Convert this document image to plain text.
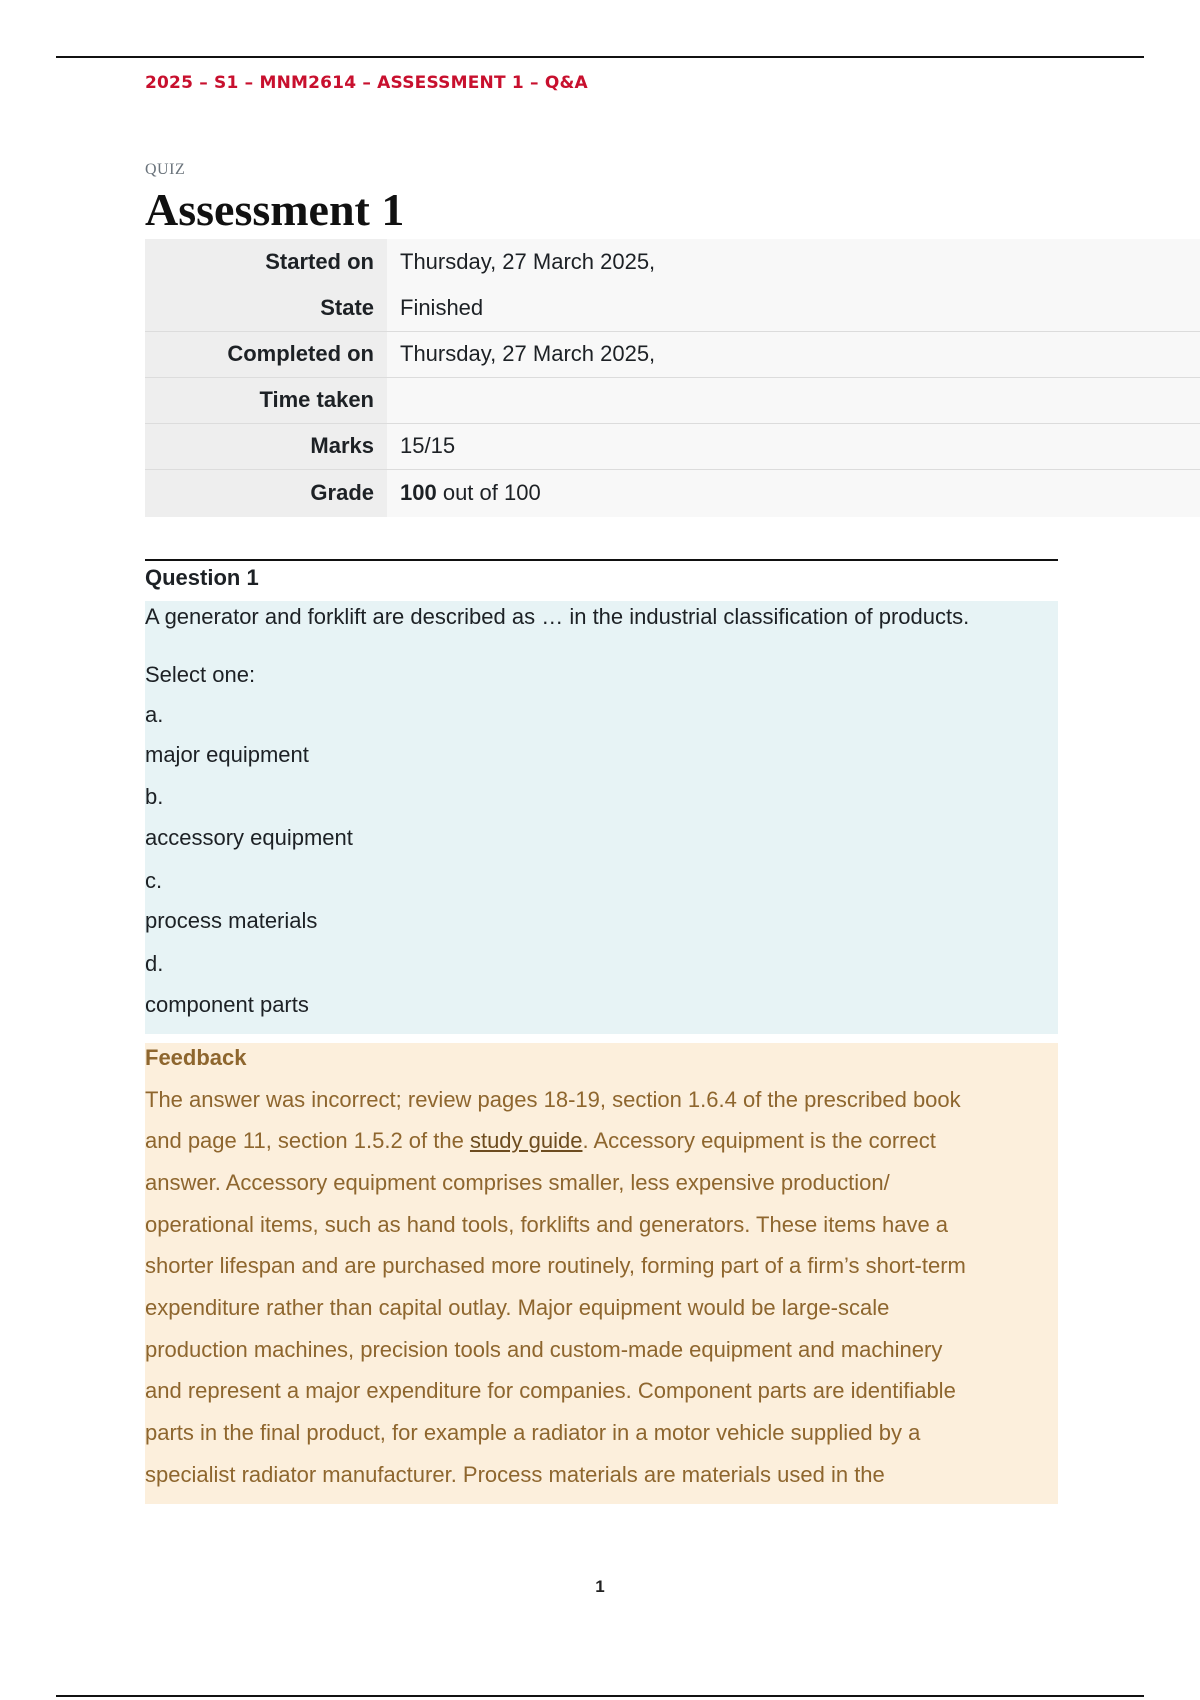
2025 – S1 – MNM2614 – ASSESSMENT 1 – Q&A
QUIZ
Assessment 1
Started on	Thursday, 27 March 2025,
State	Finished
Completed on	Thursday, 27 March 2025,
Time taken	
Marks	15/15
Grade	100 out of 100
Question 1
A generator and forklift are described as … in the industrial classification of products.
Select one:
a.
major equipment
b.
accessory equipment
c.
process materials
d.
component parts
Feedback
The answer was incorrect; review pages 18-19, section 1.6.4 of the prescribed book
and page 11, section 1.5.2 of the study guide. Accessory equipment is the correct
answer. Accessory equipment comprises smaller, less expensive production/
operational items, such as hand tools, forklifts and generators. These items have a
shorter lifespan and are purchased more routinely, forming part of a firm’s short-term
expenditure rather than capital outlay. Major equipment would be large-scale
production machines, precision tools and custom-made equipment and machinery
and represent a major expenditure for companies. Component parts are identifiable
parts in the final product, for example a radiator in a motor vehicle supplied by a
specialist radiator manufacturer. Process materials are materials used in the
1
